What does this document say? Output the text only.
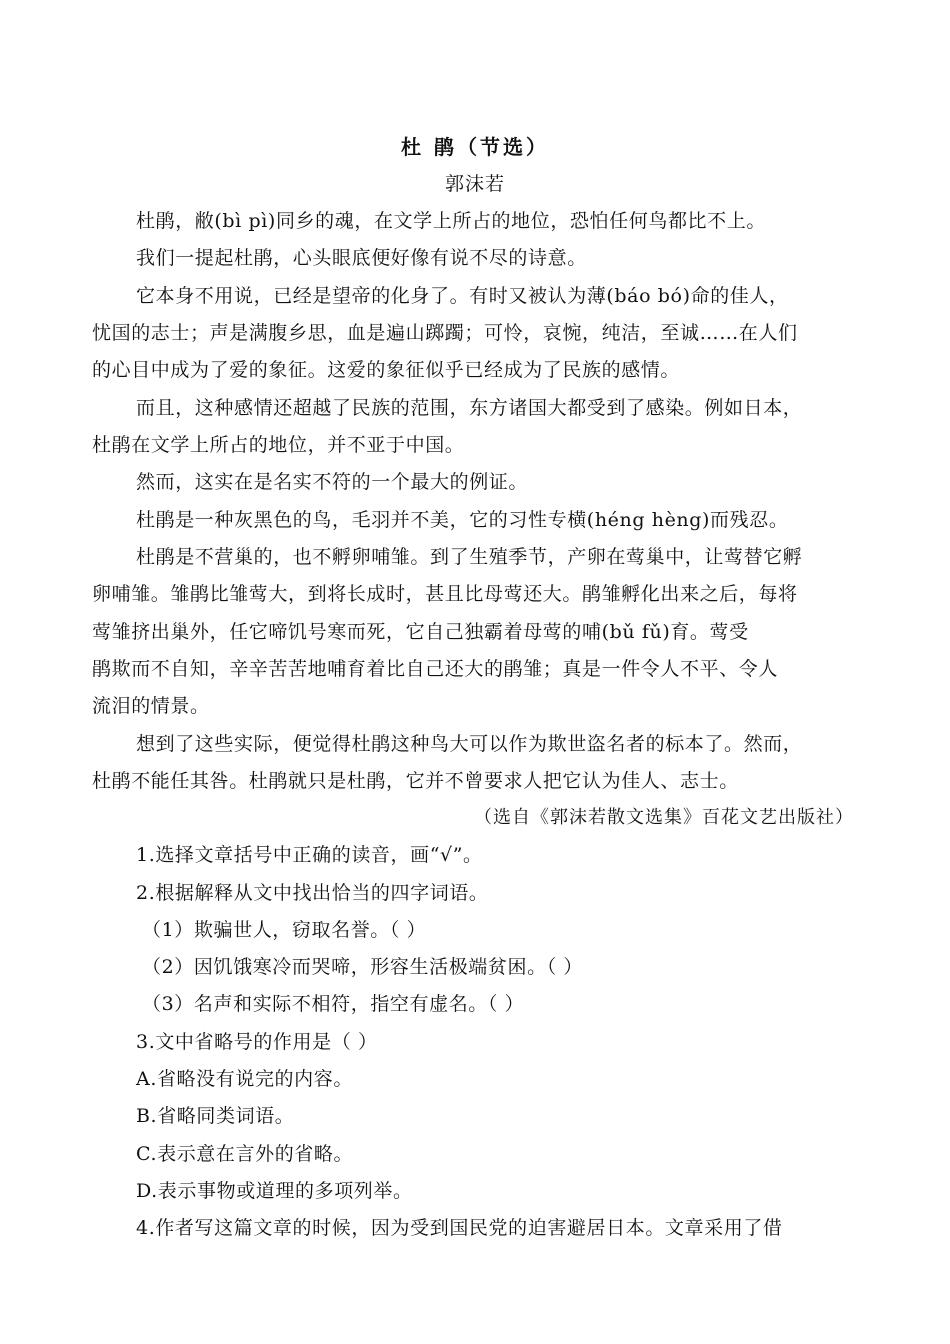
杜 鹃（节选）
郭沫若
杜鹃，敝(bì pì)同乡的魂，在文学上所占的地位，恐怕任何鸟都比不上。
我们一提起杜鹃，心头眼底便好像有说不尽的诗意。
它本身不用说，已经是望帝的化身了。有时又被认为薄(báo bó)命的佳人，
忧国的志士；声是满腹乡思，血是遍山踯躅；可怜，哀惋，纯洁，至诚……在人们
的心目中成为了爱的象征。这爱的象征似乎已经成为了民族的感情。
而且，这种感情还超越了民族的范围，东方诸国大都受到了感染。例如日本，
杜鹃在文学上所占的地位，并不亚于中国。
然而，这实在是名实不符的一个最大的例证。
杜鹃是一种灰黑色的鸟，毛羽并不美，它的习性专横(héng hèng)而残忍。
杜鹃是不营巢的，也不孵卵哺雏。到了生殖季节，产卵在莺巢中，让莺替它孵
卵哺雏。雏鹃比雏莺大，到将长成时，甚且比母莺还大。鹃雏孵化出来之后，每将
莺雏挤出巢外，任它啼饥号寒而死，它自己独霸着母莺的哺(bǔ fǔ)育。莺受
鹃欺而不自知，辛辛苦苦地哺育着比自己还大的鹃雏；真是一件令人不平、令人
流泪的情景。
想到了这些实际，便觉得杜鹃这种鸟大可以作为欺世盗名者的标本了。然而，
杜鹃不能任其咎。杜鹃就只是杜鹃，它并不曾要求人把它认为佳人、志士。
（选自《郭沫若散文选集》百花文艺出版社）
1.选择文章括号中正确的读音，画“√”。
2.根据解释从文中找出恰当的四字词语。
（1）欺骗世人，窃取名誉。（ ）
（2）因饥饿寒冷而哭啼，形容生活极端贫困。（ ）
（3）名声和实际不相符，指空有虚名。（ ）
3.文中省略号的作用是（ ）
A.省略没有说完的内容。
B.省略同类词语。
C.表示意在言外的省略。
D.表示事物或道理的多项列举。
4.作者写这篇文章的时候，因为受到国民党的迫害避居日本。文章采用了借
